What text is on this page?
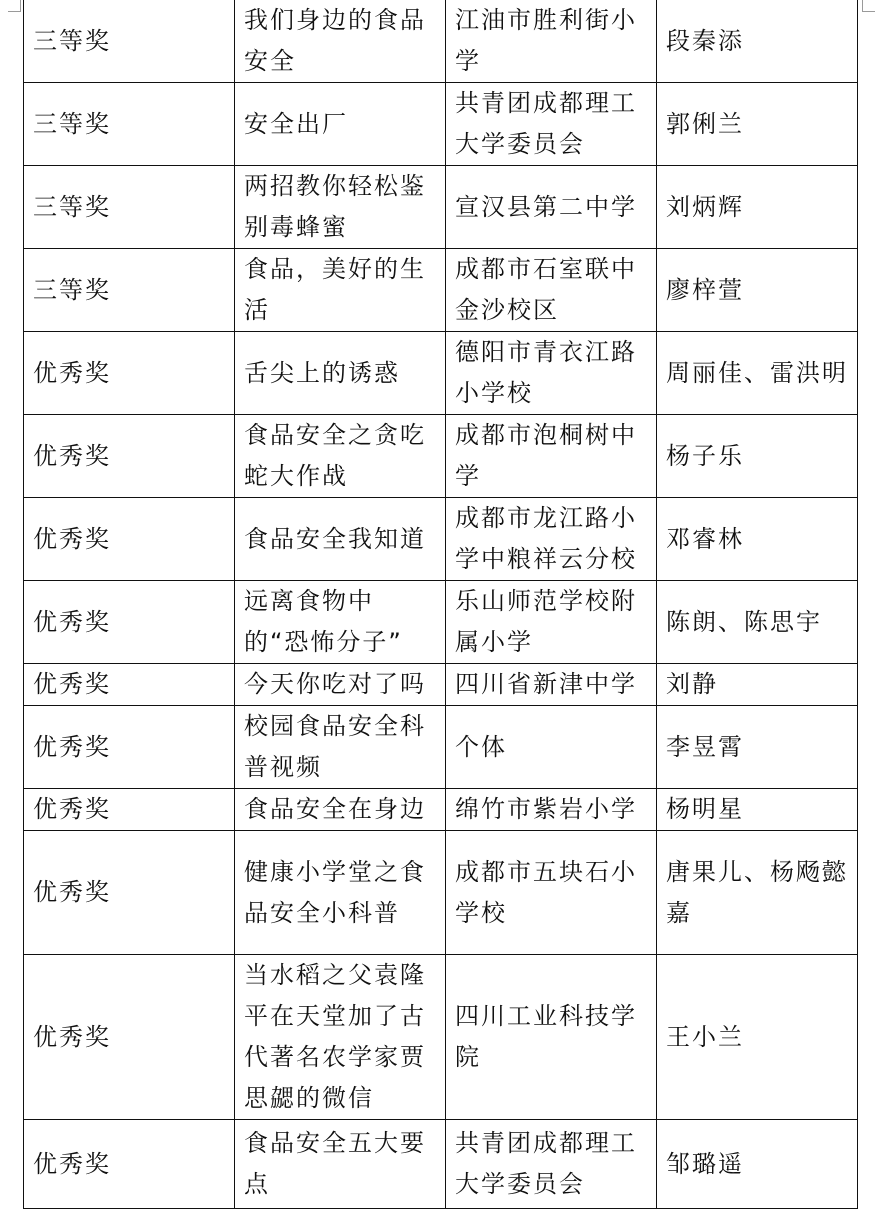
三等奖	我们身边的食品安全	江油市胜利街小学	段秦添
三等奖	安全出厂	共青团成都理工大学委员会	郭俐兰
三等奖	两招教你轻松鉴别毒蜂蜜	宣汉县第二中学	刘炳辉
三等奖	食品，美好的生活	成都市石室联中金沙校区	廖梓萱
优秀奖	舌尖上的诱惑	德阳市青衣江路小学校	周丽佳、雷洪明
优秀奖	食品安全之贪吃蛇大作战	成都市泡桐树中学	杨子乐
优秀奖	食品安全我知道	成都市龙江路小学中粮祥云分校	邓睿林
优秀奖	远离食物中的“恐怖分子”	乐山师范学校附属小学	陈朗、陈思宇
优秀奖	今天你吃对了吗	四川省新津中学	刘静
优秀奖	校园食品安全科普视频	个体	李昱霄
优秀奖	食品安全在身边	绵竹市紫岩小学	杨明星
优秀奖	健康小学堂之食品安全小科普	成都市五块石小学校	唐果儿、杨飏懿嘉
优秀奖	当水稻之父袁隆平在天堂加了古代著名农学家贾思勰的微信	四川工业科技学院	王小兰
优秀奖	食品安全五大要点	共青团成都理工大学委员会	邹璐遥
